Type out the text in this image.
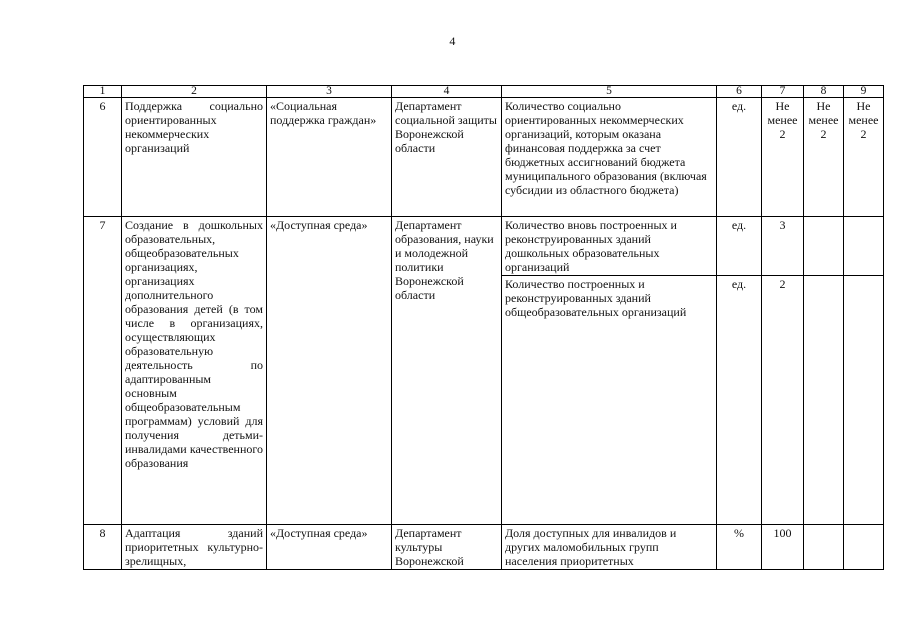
4
1	2	3	4	5	6	7	8	9
6	Поддержка социально ориентированных некоммерческих организаций	«Социальная поддержка граждан»	Департамент социальной защиты Воронежской области	Количество социально ориентированных некоммерческих организаций, которым оказана финансовая поддержка за счет бюджетных ассигнований бюджета муниципального образования (включая субсидии из областного бюджета)	ед.	Не менее 2	Не менее 2	Не менее 2
7	Создание в дошкольных образовательных, общеобразовательных организациях, организациях дополнительного образования детей (в том числе в организациях, осуществляющих образовательную деятельность по адаптированным основным общеобразовательным программам) условий для получения детьми-инвалидами качественного образования	«Доступная среда»	Департамент образования, науки и молодежной политики Воронежской области	Количество вновь построенных и реконструированных зданий дошкольных образовательных организаций	ед.	3		
				Количество построенных и реконструированных зданий общеобразовательных организаций	ед.	2		
8	Адаптация зданий приоритетных культурно-зрелищных,	«Доступная среда»	Департамент культуры Воронежской	Доля доступных для инвалидов и других маломобильных групп населения приоритетных	%	100		
